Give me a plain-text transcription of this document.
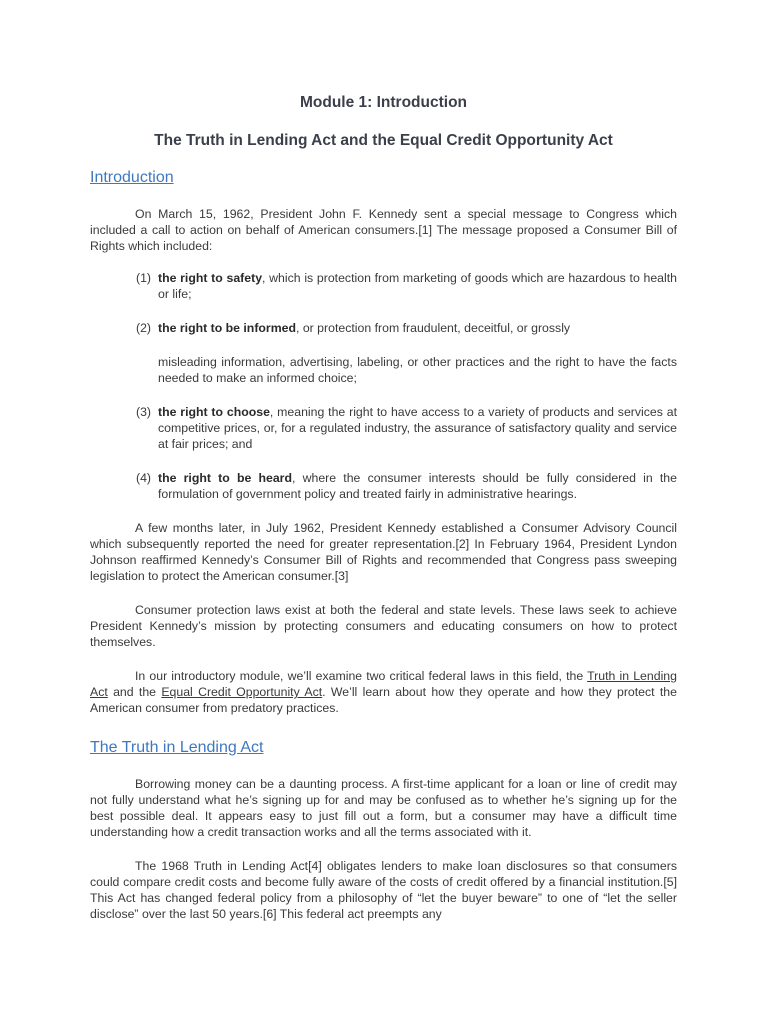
Module 1: Introduction
The Truth in Lending Act and the Equal Credit Opportunity Act
Introduction

On March 15, 1962, President John F. Kennedy sent a special message to Congress which included a call to action on behalf of American consumers.[1] The message proposed a Consumer Bill of Rights which included:

(1) the right to safety, which is protection from marketing of goods which are hazardous to health or life;
(2) the right to be informed, or protection from fraudulent, deceitful, or grossly
misleading information, advertising, labeling, or other practices and the right to have the facts needed to make an informed choice;
(3) the right to choose, meaning the right to have access to a variety of products and services at competitive prices, or, for a regulated industry, the assurance of satisfactory quality and service at fair prices; and
(4) the right to be heard, where the consumer interests should be fully considered in the formulation of government policy and treated fairly in administrative hearings.

A few months later, in July 1962, President Kennedy established a Consumer Advisory Council which subsequently reported the need for greater representation.[2] In February 1964, President Lyndon Johnson reaffirmed Kennedy’s Consumer Bill of Rights and recommended that Congress pass sweeping legislation to protect the American consumer.[3]

Consumer protection laws exist at both the federal and state levels. These laws seek to achieve President Kennedy’s mission by protecting consumers and educating consumers on how to protect themselves.

In our introductory module, we’ll examine two critical federal laws in this field, the Truth in Lending Act and the Equal Credit Opportunity Act. We’ll learn about how they operate and how they protect the American consumer from predatory practices.

The Truth in Lending Act

Borrowing money can be a daunting process. A first-time applicant for a loan or line of credit may not fully understand what he’s signing up for and may be confused as to whether he’s signing up for the best possible deal. It appears easy to just fill out a form, but a consumer may have a difficult time understanding how a credit transaction works and all the terms associated with it.

The 1968 Truth in Lending Act[4] obligates lenders to make loan disclosures so that consumers could compare credit costs and become fully aware of the costs of credit offered by a financial institution.[5] This Act has changed federal policy from a philosophy of “let the buyer beware” to one of “let the seller disclose” over the last 50 years.[6] This federal act preempts any
